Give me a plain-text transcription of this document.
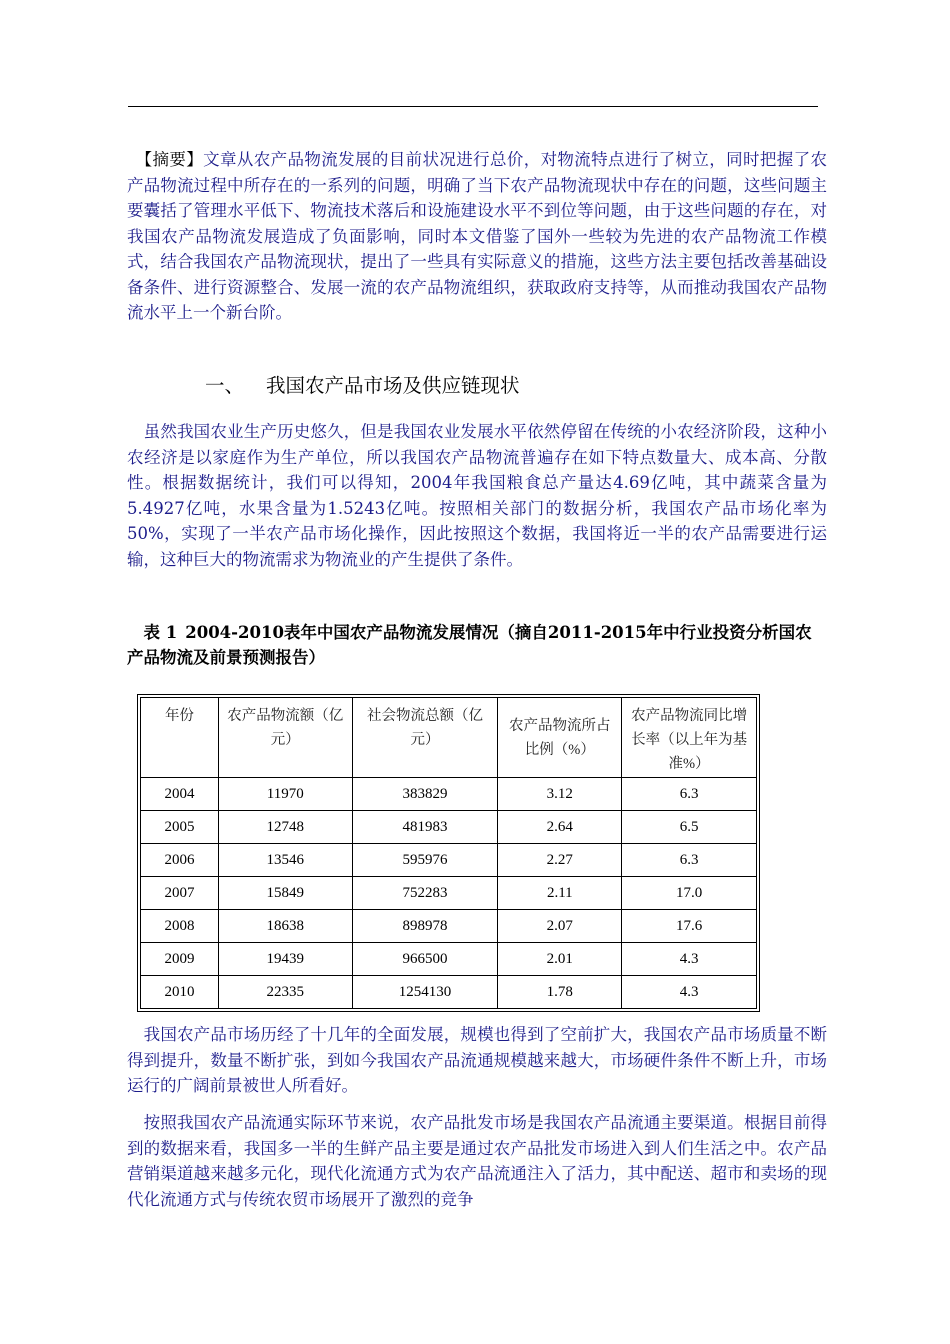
　【摘要】文章从农产品物流发展的目前状况进行总价，对物流特点进行了树立，同时把握了农产品物流过程中所存在的一系列的问题，明确了当下农产品物流现状中存在的问题，这些问题主要囊括了管理水平低下、物流技术落后和设施建设水平不到位等问题，由于这些问题的存在，对我国农产品物流发展造成了负面影响，同时本文借鉴了国外一些较为先进的农产品物流工作模式，结合我国农产品物流现状，提出了一些具有实际意义的措施，这些方法主要包括改善基础设备条件、进行资源整合、发展一流的农产品物流组织，获取政府支持等，从而推动我国农产品物流水平上一个新台阶。

一、 我国农产品市场及供应链现状

　虽然我国农业生产历史悠久，但是我国农业发展水平依然停留在传统的小农经济阶段，这种小农经济是以家庭作为生产单位，所以我国农产品物流普遍存在如下特点数量大、成本高、分散性。根据数据统计，我们可以得知，2004年我国粮食总产量达4.69亿吨，其中蔬菜含量为5.4927亿吨，水果含量为1.5243亿吨。按照相关部门的数据分析，我国农产品市场化率为50%，实现了一半农产品市场化操作，因此按照这个数据，我国将近一半的农产品需要进行运输，这种巨大的物流需求为物流业的产生提供了条件。

　表 1 2004-2010表年中国农产品物流发展情况（摘自2011-2015年中行业投资分析国农产品物流及前景预测报告）

年份	农产品物流额（亿元）	社会物流总额（亿元）	农产品物流所占比例（%）	农产品物流同比增长率（以上年为基准%）
2004	11970	383829	3.12	6.3
2005	12748	481983	2.64	6.5
2006	13546	595976	2.27	6.3
2007	15849	752283	2.11	17.0
2008	18638	898978	2.07	17.6
2009	19439	966500	2.01	4.3
2010	22335	1254130	1.78	4.3

　我国农产品市场历经了十几年的全面发展，规模也得到了空前扩大，我国农产品市场质量不断得到提升，数量不断扩张，到如今我国农产品流通规模越来越大，市场硬件条件不断上升，市场运行的广阔前景被世人所看好。

　按照我国农产品流通实际环节来说，农产品批发市场是我国农产品流通主要渠道。根据目前得到的数据来看，我国多一半的生鲜产品主要是通过农产品批发市场进入到人们生活之中。农产品营销渠道越来越多元化，现代化流通方式为农产品流通注入了活力，其中配送、超市和卖场的现代化流通方式与传统农贸市场展开了激烈的竞争
